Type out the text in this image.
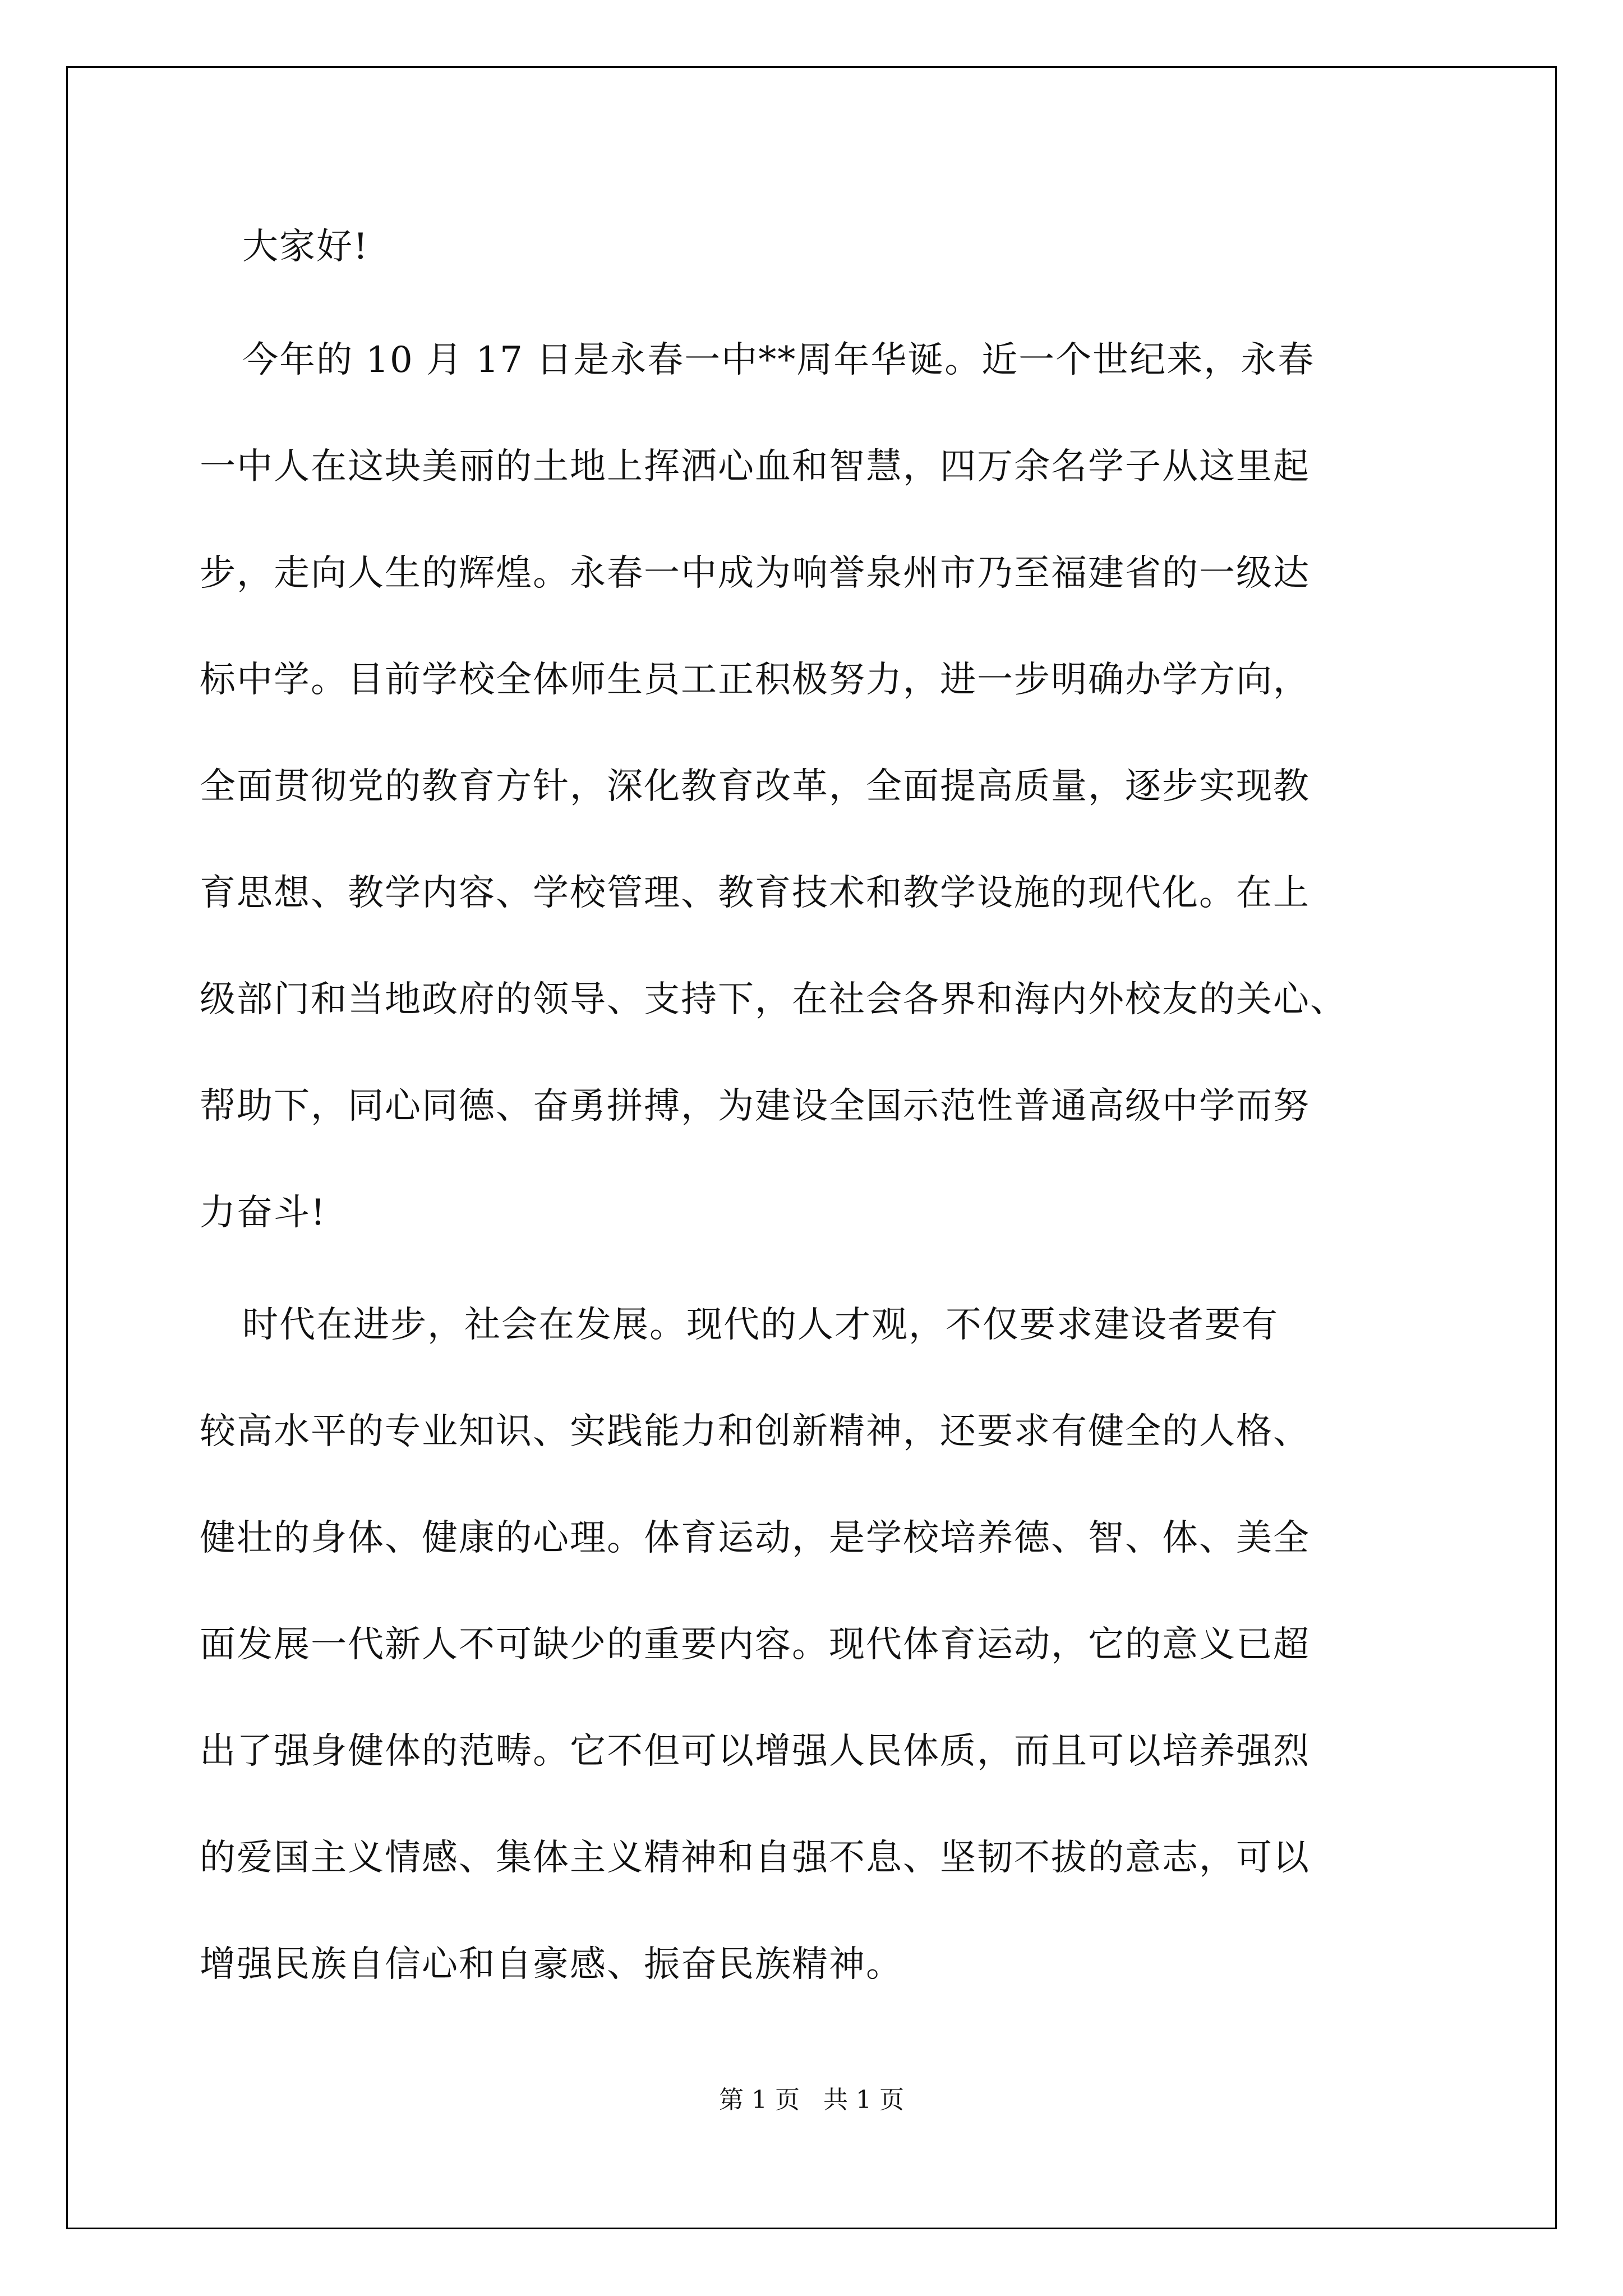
大家好!

今年的 10 月 17 日是永春一中**周年华诞。近一个世纪来，永春

一中人在这块美丽的土地上挥洒心血和智慧，四万余名学子从这里起

步，走向人生的辉煌。永春一中成为响誉泉州市乃至福建省的一级达

标中学。目前学校全体师生员工正积极努力，进一步明确办学方向，

全面贯彻党的教育方针，深化教育改革，全面提高质量，逐步实现教

育思想、教学内容、学校管理、教育技术和教学设施的现代化。在上

级部门和当地政府的领导、支持下，在社会各界和海内外校友的关心、

帮助下，同心同德、奋勇拼搏，为建设全国示范性普通高级中学而努

力奋斗!

时代在进步，社会在发展。现代的人才观，不仅要求建设者要有

较高水平的专业知识、实践能力和创新精神，还要求有健全的人格、

健壮的身体、健康的心理。体育运动，是学校培养德、智、体、美全

面发展一代新人不可缺少的重要内容。现代体育运动，它的意义已超

出了强身健体的范畴。它不但可以增强人民体质，而且可以培养强烈

的爱国主义情感、集体主义精神和自强不息、坚韧不拔的意志，可以

增强民族自信心和自豪感、振奋民族精神。

第 1 页   共 1 页
